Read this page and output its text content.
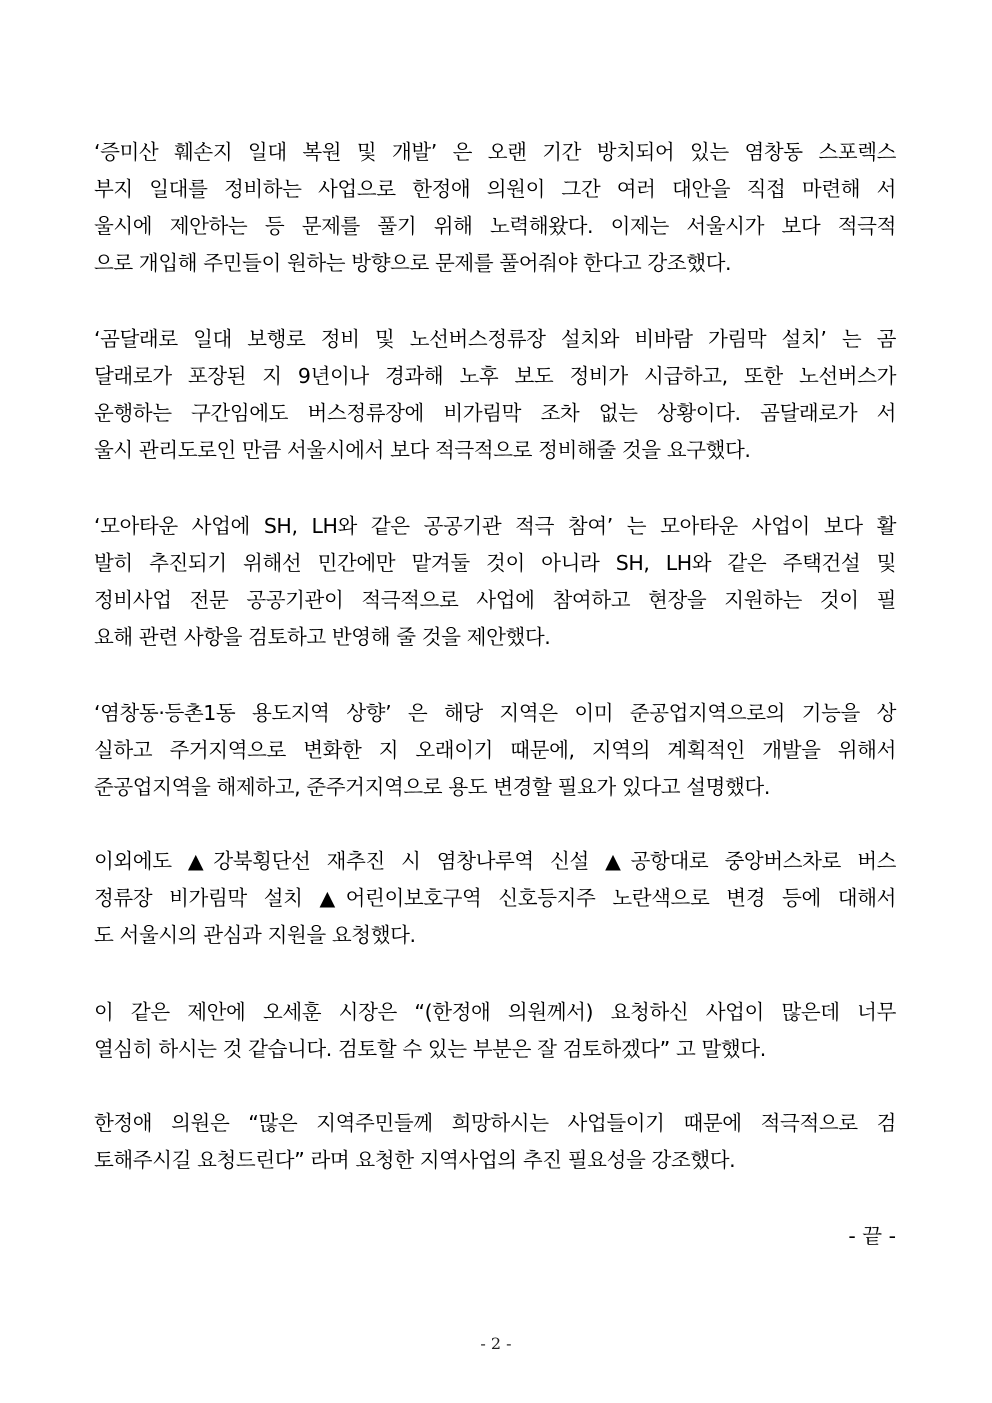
‘증미산 훼손지 일대 복원 및 개발’ 은 오랜 기간 방치되어 있는 염창동 스포렉스
부지 일대를 정비하는 사업으로 한정애 의원이 그간 여러 대안을 직접 마련해 서
울시에 제안하는 등 문제를 풀기 위해 노력해왔다. 이제는 서울시가 보다 적극적
으로 개입해 주민들이 원하는 방향으로 문제를 풀어줘야 한다고 강조했다.
‘곰달래로 일대 보행로 정비 및 노선버스정류장 설치와 비바람 가림막 설치’ 는 곰
달래로가 포장된 지 9년이나 경과해 노후 보도 정비가 시급하고, 또한 노선버스가
운행하는 구간임에도 버스정류장에 비가림막 조차 없는 상황이다. 곰달래로가 서
울시 관리도로인 만큼 서울시에서 보다 적극적으로 정비해줄 것을 요구했다.
‘모아타운 사업에 SH, LH와 같은 공공기관 적극 참여’ 는 모아타운 사업이 보다 활
발히 추진되기 위해선 민간에만 맡겨둘 것이 아니라 SH, LH와 같은 주택건설 및
정비사업 전문 공공기관이 적극적으로 사업에 참여하고 현장을 지원하는 것이 필
요해 관련 사항을 검토하고 반영해 줄 것을 제안했다.
‘염창동·등촌1동 용도지역 상향’ 은 해당 지역은 이미 준공업지역으로의 기능을 상
실하고 주거지역으로 변화한 지 오래이기 때문에, 지역의 계획적인 개발을 위해서
준공업지역을 해제하고, 준주거지역으로 용도 변경할 필요가 있다고 설명했다.
이외에도 ▲강북횡단선 재추진 시 염창나루역 신설 ▲공항대로 중앙버스차로 버스
정류장 비가림막 설치 ▲어린이보호구역 신호등지주 노란색으로 변경 등에 대해서
도 서울시의 관심과 지원을 요청했다.
이 같은 제안에 오세훈 시장은 “(한정애 의원께서) 요청하신 사업이 많은데 너무
열심히 하시는 것 같습니다. 검토할 수 있는 부분은 잘 검토하겠다” 고 말했다.
한정애 의원은 “많은 지역주민들께 희망하시는 사업들이기 때문에 적극적으로 검
토해주시길 요청드린다” 라며 요청한 지역사업의 추진 필요성을 강조했다.
- 끝 -
- 2 -
